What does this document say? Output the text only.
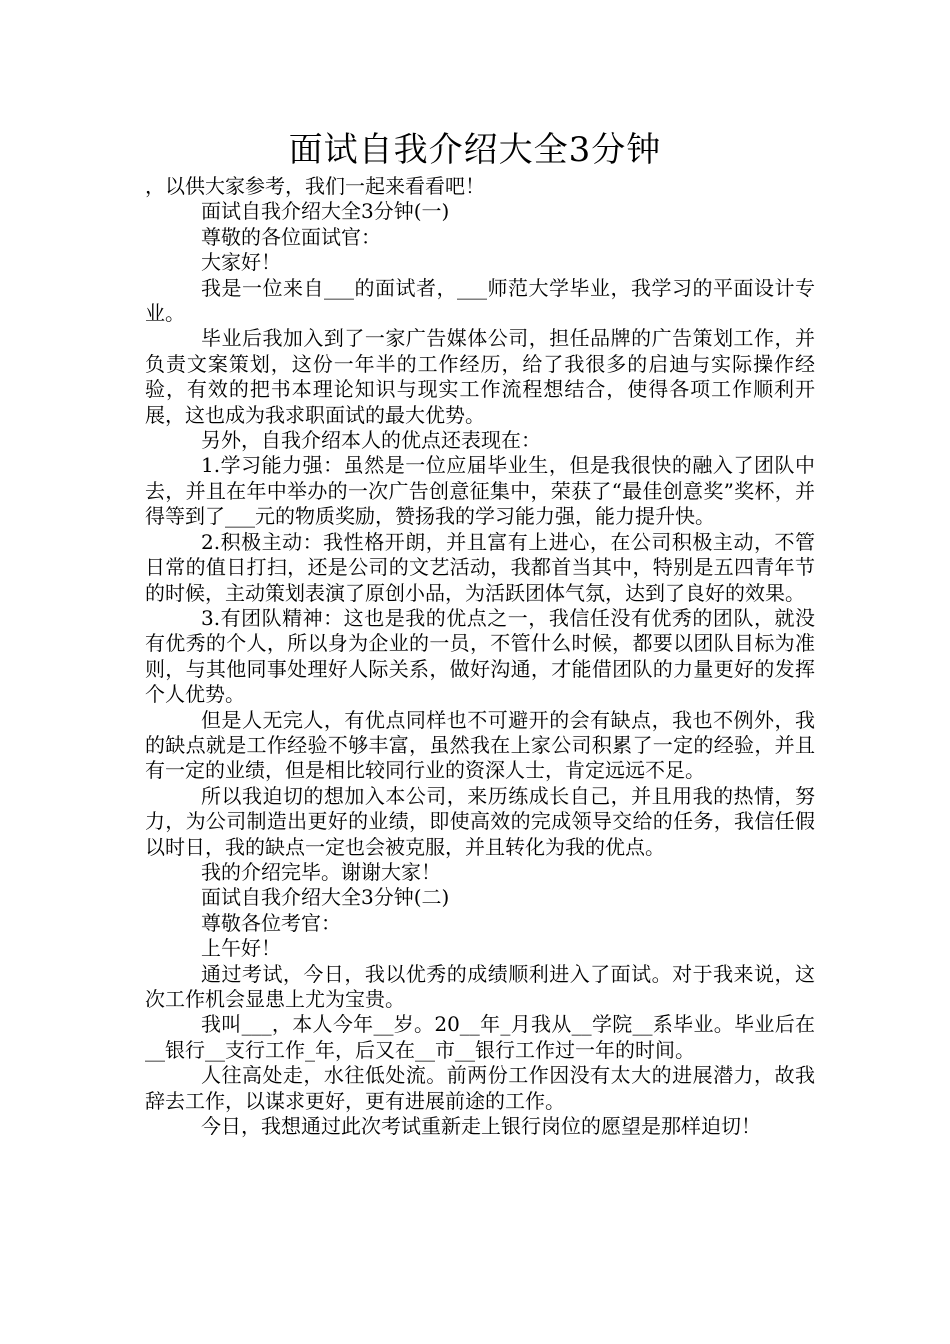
面试自我介绍大全3分钟

，以供大家参考，我们一起来看看吧！

面试自我介绍大全3分钟(一)

尊敬的各位面试官：

大家好！

我是一位来自___的面试者，___师范大学毕业，我学习的平面设计专业。

毕业后我加入到了一家广告媒体公司，担任品牌的广告策划工作，并负责文案策划，这份一年半的工作经历，给了我很多的启迪与实际操作经验，有效的把书本理论知识与现实工作流程想结合，使得各项工作顺利开展，这也成为我求职面试的最大优势。

另外，自我介绍本人的优点还表现在：

1.学习能力强：虽然是一位应届毕业生，但是我很快的融入了团队中去，并且在年中举办的一次广告创意征集中，荣获了“最佳创意奖”奖杯，并得等到了___元的物质奖励，赞扬我的学习能力强，能力提升快。

2.积极主动：我性格开朗，并且富有上进心，在公司积极主动，不管日常的值日打扫，还是公司的文艺活动，我都首当其中，特别是五四青年节的时候，主动策划表演了原创小品，为活跃团体气氛，达到了良好的效果。

3.有团队精神：这也是我的优点之一，我信任没有优秀的团队，就没有优秀的个人，所以身为企业的一员，不管什么时候，都要以团队目标为准则，与其他同事处理好人际关系，做好沟通，才能借团队的力量更好的发挥个人优势。

但是人无完人，有优点同样也不可避开的会有缺点，我也不例外，我的缺点就是工作经验不够丰富，虽然我在上家公司积累了一定的经验，并且有一定的业绩，但是相比较同行业的资深人士，肯定远远不足。

所以我迫切的想加入本公司，来历练成长自己，并且用我的热情，努力，为公司制造出更好的业绩，即使高效的完成领导交给的任务，我信任假以时日，我的缺点一定也会被克服，并且转化为我的优点。

我的介绍完毕。谢谢大家！

面试自我介绍大全3分钟(二)

尊敬各位考官：

上午好！

通过考试，今日，我以优秀的成绩顺利进入了面试。对于我来说，这次工作机会显患上尤为宝贵。

我叫___，本人今年__岁。20__年_月我从__学院__系毕业。毕业后在__银行__支行工作_年，后又在__市__银行工作过一年的时间。

人往高处走，水往低处流。前两份工作因没有太大的进展潜力，故我辞去工作，以谋求更好，更有进展前途的工作。

今日，我想通过此次考试重新走上银行岗位的愿望是那样迫切！
